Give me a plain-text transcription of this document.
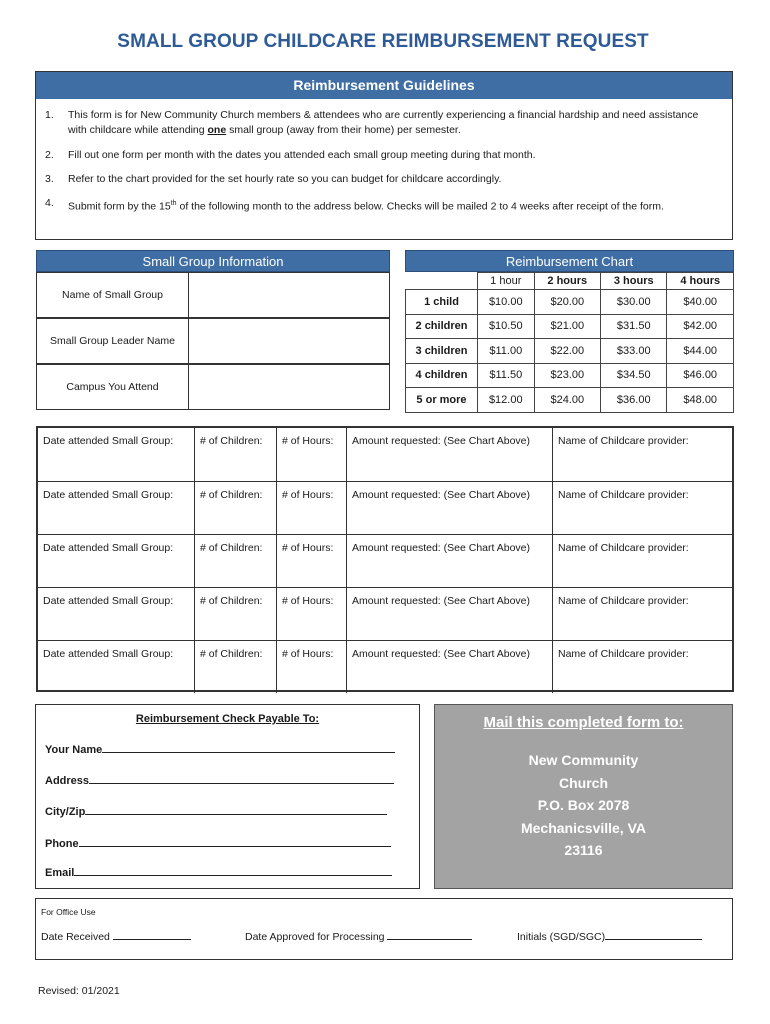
SMALL GROUP CHILDCARE REIMBURSEMENT REQUEST
Reimbursement Guidelines
1. This form is for New Community Church members & attendees who are currently experiencing a financial hardship and need assistance with childcare while attending one small group (away from their home) per semester.
2. Fill out one form per month with the dates you attended each small group meeting during that month.
3. Refer to the chart provided for the set hourly rate so you can budget for childcare accordingly.
4. Submit form by the 15th of the following month to the address below. Checks will be mailed 2 to 4 weeks after receipt of the form.
Small Group Information
Name of Small Group
Small Group Leader Name
Campus You Attend
Reimbursement Chart
	1 hour	2 hours	3 hours	4 hours
1 child	$10.00	$20.00	$30.00	$40.00
2 children	$10.50	$21.00	$31.50	$42.00
3 children	$11.00	$22.00	$33.00	$44.00
4 children	$11.50	$23.00	$34.50	$46.00
5 or more	$12.00	$24.00	$36.00	$48.00
Date attended Small Group:	# of Children:	# of Hours:	Amount requested: (See Chart Above)	Name of Childcare provider:
Date attended Small Group:	# of Children:	# of Hours:	Amount requested: (See Chart Above)	Name of Childcare provider:
Date attended Small Group:	# of Children:	# of Hours:	Amount requested: (See Chart Above)	Name of Childcare provider:
Date attended Small Group:	# of Children:	# of Hours:	Amount requested: (See Chart Above)	Name of Childcare provider:
Date attended Small Group:	# of Children:	# of Hours:	Amount requested: (See Chart Above)	Name of Childcare provider:
Reimbursement Check Payable To:
Your Name
Address
City/Zip
Phone
Email
Mail this completed form to:
New Community
Church
P.O. Box 2078
Mechanicsville, VA
23116
For Office Use
Date Received	Date Approved for Processing	Initials (SGD/SGC)
Revised: 01/2021
